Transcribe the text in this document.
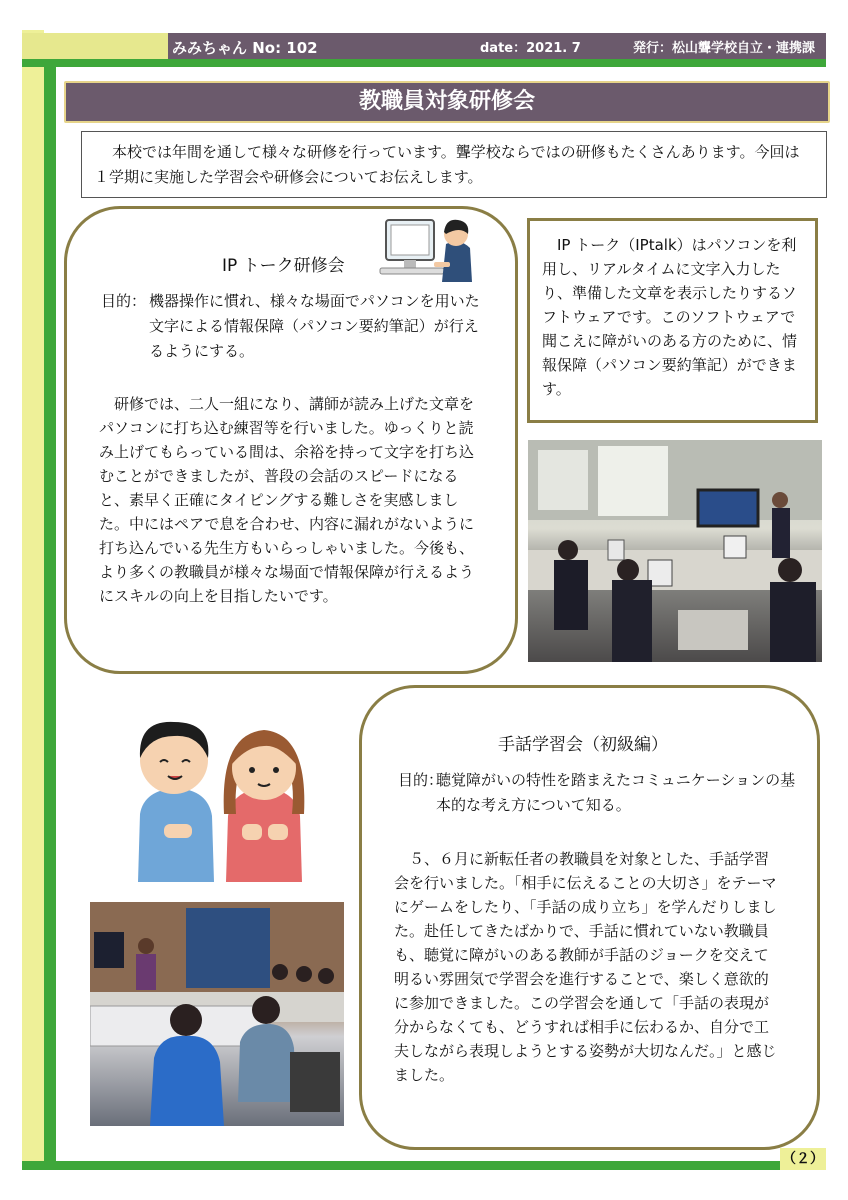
みみちゃん No: 102	date：2021. 7	発行：松山聾学校自立・連携課
教職員対象研修会
本校では年間を通して様々な研修を行っています。聾学校ならではの研修もたくさんあります。今回は１学期に実施した学習会や研修会についてお伝えします。
IP トーク研修会
目的： 機器操作に慣れ、様々な場面でパソコンを用いた文字による情報保障（パソコン要約筆記）が行えるようにする。
研修では、二人一組になり、講師が読み上げた文章をパソコンに打ち込む練習等を行いました。ゆっくりと読み上げてもらっている間は、余裕を持って文字を打ち込むことができましたが、普段の会話のスピードになると、素早く正確にタイピングする難しさを実感しました。中にはペアで息を合わせ、内容に漏れがないように打ち込んでいる先生方もいらっしゃいました。今後も、より多くの教職員が様々な場面で情報保障が行えるようにスキルの向上を目指したいです。
IP トーク（IPtalk）はパソコンを利用し、リアルタイムに文字入力したり、準備した文章を表示したりするソフトウェアです。このソフトウェアで聞こえに障がいのある方のために、情報保障（パソコン要約筆記）ができます。
手話学習会（初級編）
目的：
聴覚障がいの特性を踏まえたコミュニケーションの基本的な考え方について知る。
５、６月に新転任者の教職員を対象とした、手話学習会を行いました。「相手に伝えることの大切さ」をテーマにゲームをしたり、「手話の成り立ち」を学んだりしました。赴任してきたばかりで、手話に慣れていない教職員も、聴覚に障がいのある教師が手話のジョークを交えて明るい雰囲気で学習会を進行することで、楽しく意欲的に参加できました。この学習会を通して「手話の表現が分からなくても、どうすれば相手に伝わるか、自分で工夫しながら表現しようとする姿勢が大切なんだ。」と感じました。
（２）
